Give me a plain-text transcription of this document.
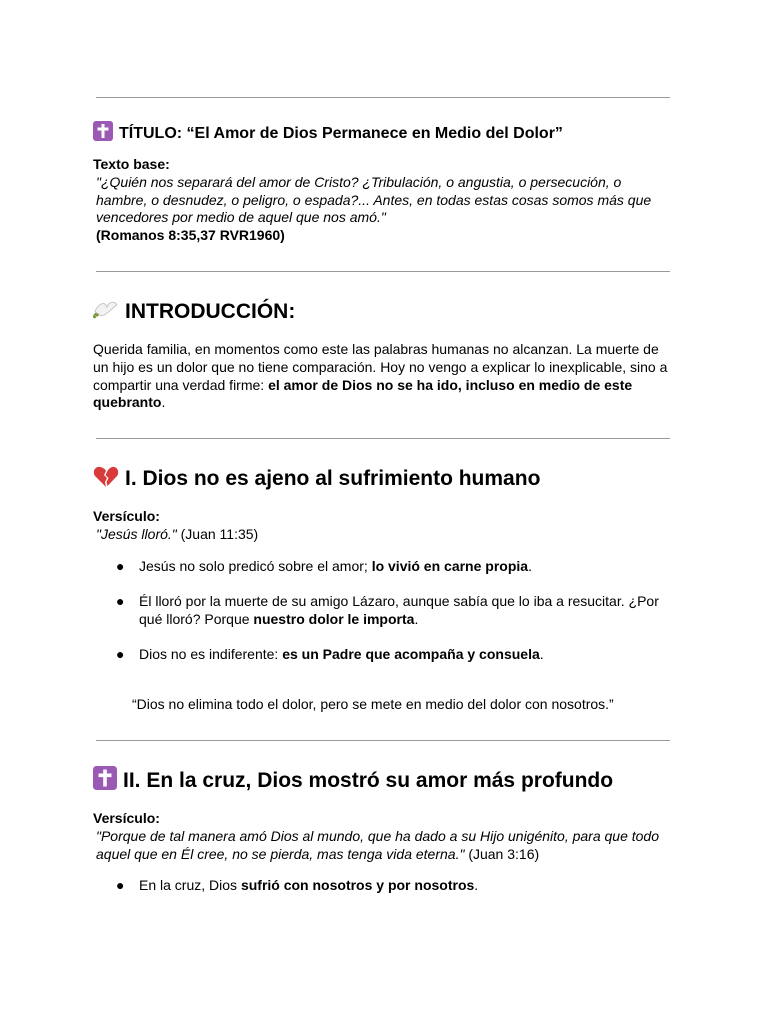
TÍTULO: “El Amor de Dios Permanece en Medio del Dolor”
Texto base:
"¿Quién nos separará del amor de Cristo? ¿Tribulación, o angustia, o persecución, o hambre, o desnudez, o peligro, o espada?... Antes, en todas estas cosas somos más que vencedores por medio de aquel que nos amó."
(Romanos 8:35,37 RVR1960)
INTRODUCCIÓN:
Querida familia, en momentos como este las palabras humanas no alcanzan. La muerte de un hijo es un dolor que no tiene comparación. Hoy no vengo a explicar lo inexplicable, sino a compartir una verdad firme: el amor de Dios no se ha ido, incluso en medio de este quebranto.
I. Dios no es ajeno al sufrimiento humano
Versículo:
"Jesús lloró." (Juan 11:35)
●	Jesús no solo predicó sobre el amor; lo vivió en carne propia.
●	Él lloró por la muerte de su amigo Lázaro, aunque sabía que lo iba a resucitar. ¿Por qué lloró? Porque nuestro dolor le importa.
●	Dios no es indiferente: es un Padre que acompaña y consuela.
“Dios no elimina todo el dolor, pero se mete en medio del dolor con nosotros.”
II. En la cruz, Dios mostró su amor más profundo
Versículo:
"Porque de tal manera amó Dios al mundo, que ha dado a su Hijo unigénito, para que todo aquel que en Él cree, no se pierda, mas tenga vida eterna." (Juan 3:16)
●	En la cruz, Dios sufrió con nosotros y por nosotros.
